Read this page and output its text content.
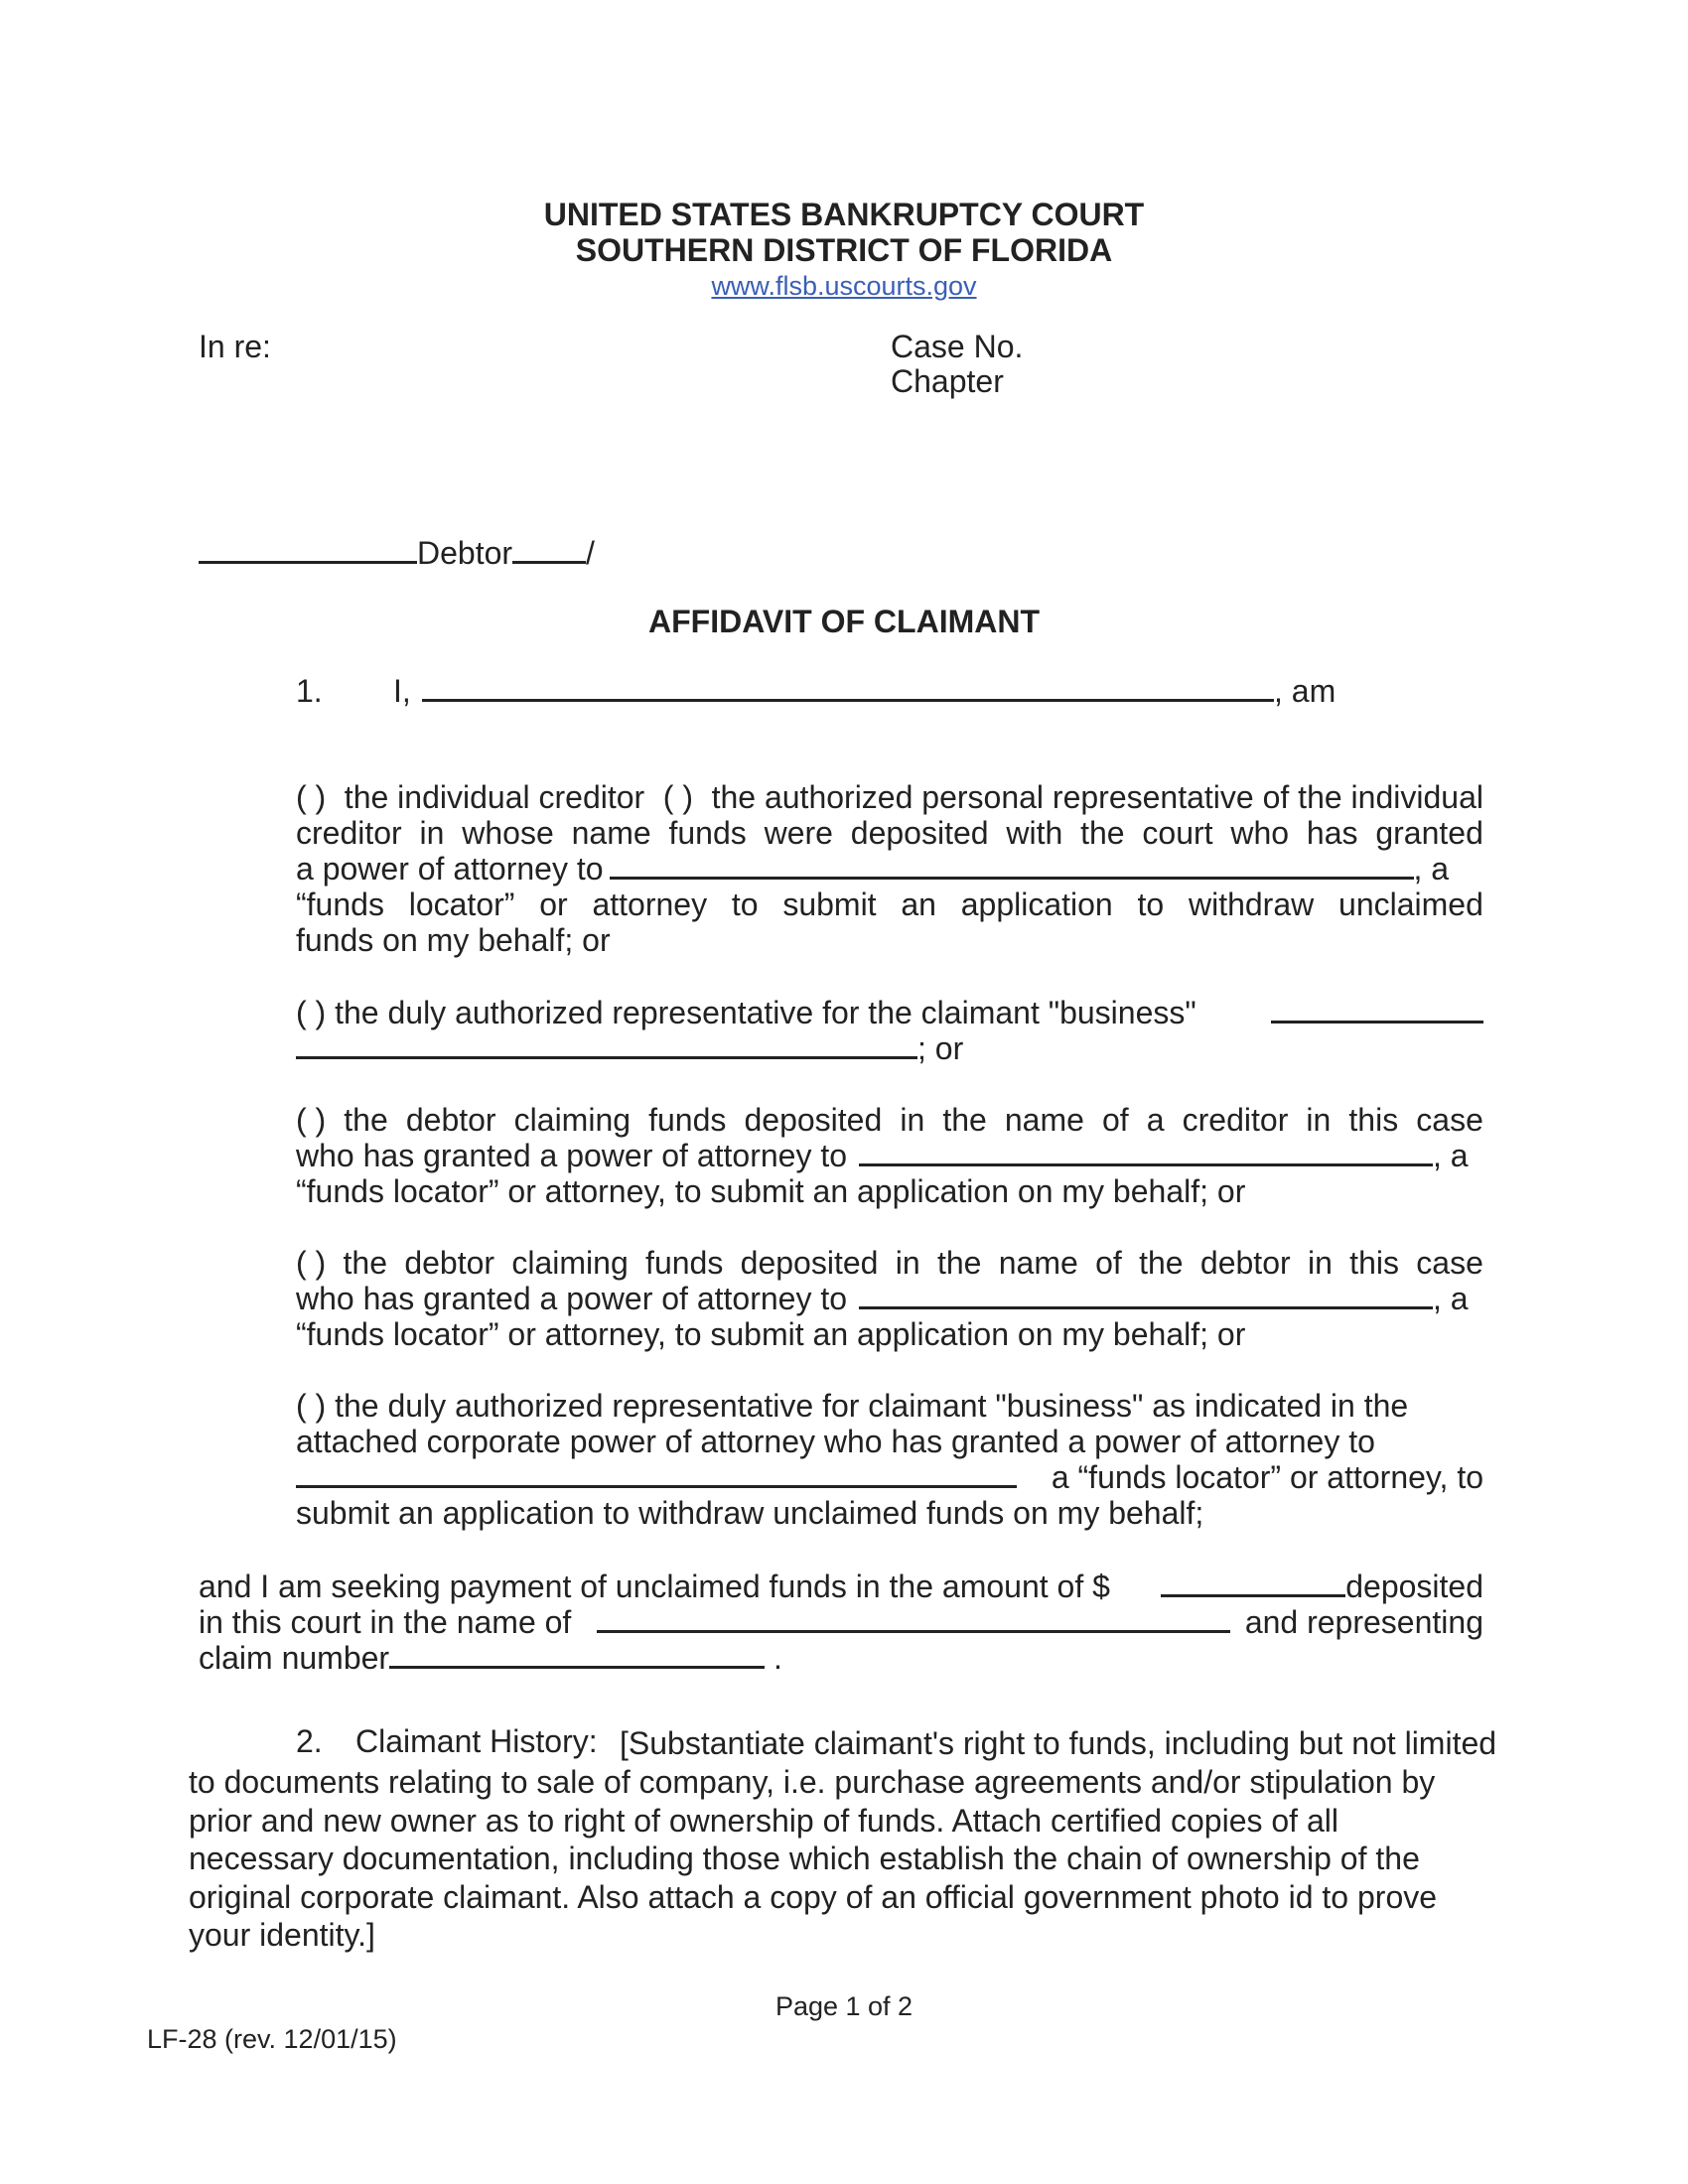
UNITED STATES BANKRUPTCY COURT
SOUTHERN DISTRICT OF FLORIDA
www.flsb.uscourts.gov
In re:	Case No.
Chapter
Debtor /
AFFIDAVIT OF CLAIMANT
1. I,	, am
( ) the individual creditor ( ) the authorized personal representative of the individual
creditor in whose name funds were deposited with the court who has granted
a power of attorney to	, a
“funds locator” or attorney to submit an application to withdraw unclaimed
funds on my behalf; or
( ) the duly authorized representative for the claimant "business"
; or
( ) the debtor claiming funds deposited in the name of a creditor in this case
who has granted a power of attorney to	, a
“funds locator” or attorney, to submit an application on my behalf; or
( ) the debtor claiming funds deposited in the name of the debtor in this case
who has granted a power of attorney to	, a
“funds locator” or attorney, to submit an application on my behalf; or
( ) the duly authorized representative for claimant "business" as indicated in the
attached corporate power of attorney who has granted a power of attorney to
a “funds locator” or attorney, to
submit an application to withdraw unclaimed funds on my behalf;
and I am seeking payment of unclaimed funds in the amount of $	deposited
in this court in the name of	and representing
claim number	.
2. Claimant History: [Substantiate claimant's right to funds, including but not limited
to documents relating to sale of company, i.e. purchase agreements and/or stipulation by
prior and new owner as to right of ownership of funds. Attach certified copies of all
necessary documentation, including those which establish the chain of ownership of the
original corporate claimant. Also attach a copy of an official government photo id to prove
your identity.]
Page 1 of 2
LF-28 (rev. 12/01/15)
